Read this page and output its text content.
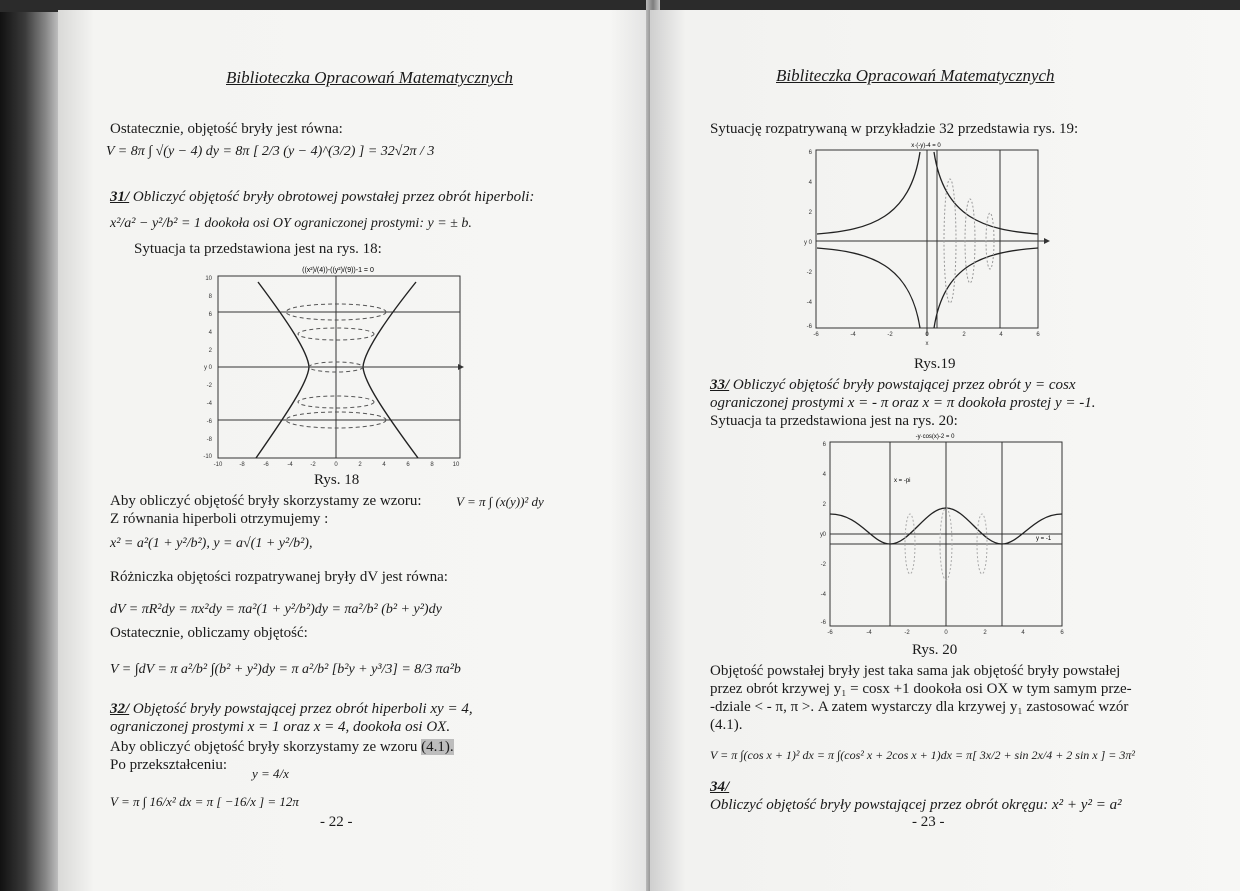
Biblioteczka Opracowań Matematycznych
Ostatecznie, objętość bryły jest równa:
V = 8π ∫ √(y − 4) dy = 8π [ 2/3 (y − 4)^(3/2) ] = 32√2π / 3
31/ Obliczyć objętość bryły obrotowej powstałej przez obrót hiperboli:
x²/a² − y²/b² = 1 dookoła osi OY ograniczonej prostymi: y = ± b.
Sytuacja ta przedstawiona jest na rys. 18:
((x²)/(4))-((y²)/(9))-1 = 0
10
8
6
4
2
0
-2
-4
-6
-8
-10
-10	-8	-6	-4	-2	0	2	4	6	8	10
y
Rys. 18
Aby obliczyć objętość bryły skorzystamy ze wzoru:	V = π ∫ (x(y))² dy
Z równania hiperboli otrzymujemy :
x² = a²(1 + y²/b²), y = a√(1 + y²/b²),
Różniczka objętości rozpatrywanej bryły dV jest równa:
dV = πR²dy = πx²dy = πa²(1 + y²/b²)dy = πa²/b² (b² + y²)dy
Ostatecznie, obliczamy objętość:
V = ∫dV = π a²/b² ∫(b² + y²)dy = π a²/b² [b²y + y³/3] = 8/3 πa²b
32/ Objętość bryły powstającej przez obrót hiperboli xy = 4,
ograniczonej prostymi x = 1 oraz x = 4, dookoła osi OX.
Aby obliczyć objętość bryły skorzystamy ze wzoru (4.1).
Po przekształceniu:
y = 4/x
V = π ∫ 16/x² dx = π [ −16/x ] = 12π
- 22 -
Bibliteczka Opracowań Matematycznych
Sytuację rozpatrywaną w przykładzie 32 przedstawia rys. 19:
x·(-y)-4 = 0
6
4
2
0
-2
-4
-6
-6	-4	-2	0	2	4	6
y
x
Rys.19
33/ Obliczyć objętość bryły powstającej przez obrót y = cosx
ograniczonej prostymi x = - π oraz x = π dookoła prostej y = -1.
Sytuacja ta przedstawiona jest na rys. 20:
-y·cos(x)-2 = 0
x = -pi
y = -1
6
4
2
0
-2
-4
-6
-6	-4	-2	0	2	4	6
y
Rys. 20
Objętość powstałej bryły jest taka sama jak objętość bryły powstałej
przez obrót krzywej y₁ = cosx +1 dookoła osi OX w tym samym prze-
-dziale < - π, π >. A zatem wystarczy dla krzywej y₁ zastosować wzór
(4.1).
V = π ∫(cos x + 1)² dx = π ∫(cos² x + 2cos x + 1)dx = π[ 3x/2 + sin 2x/4 + 2 sin x ] = 3π²
34/
Obliczyć objętość bryły powstającej przez obrót okręgu: x² + y² = a²
- 23 -
